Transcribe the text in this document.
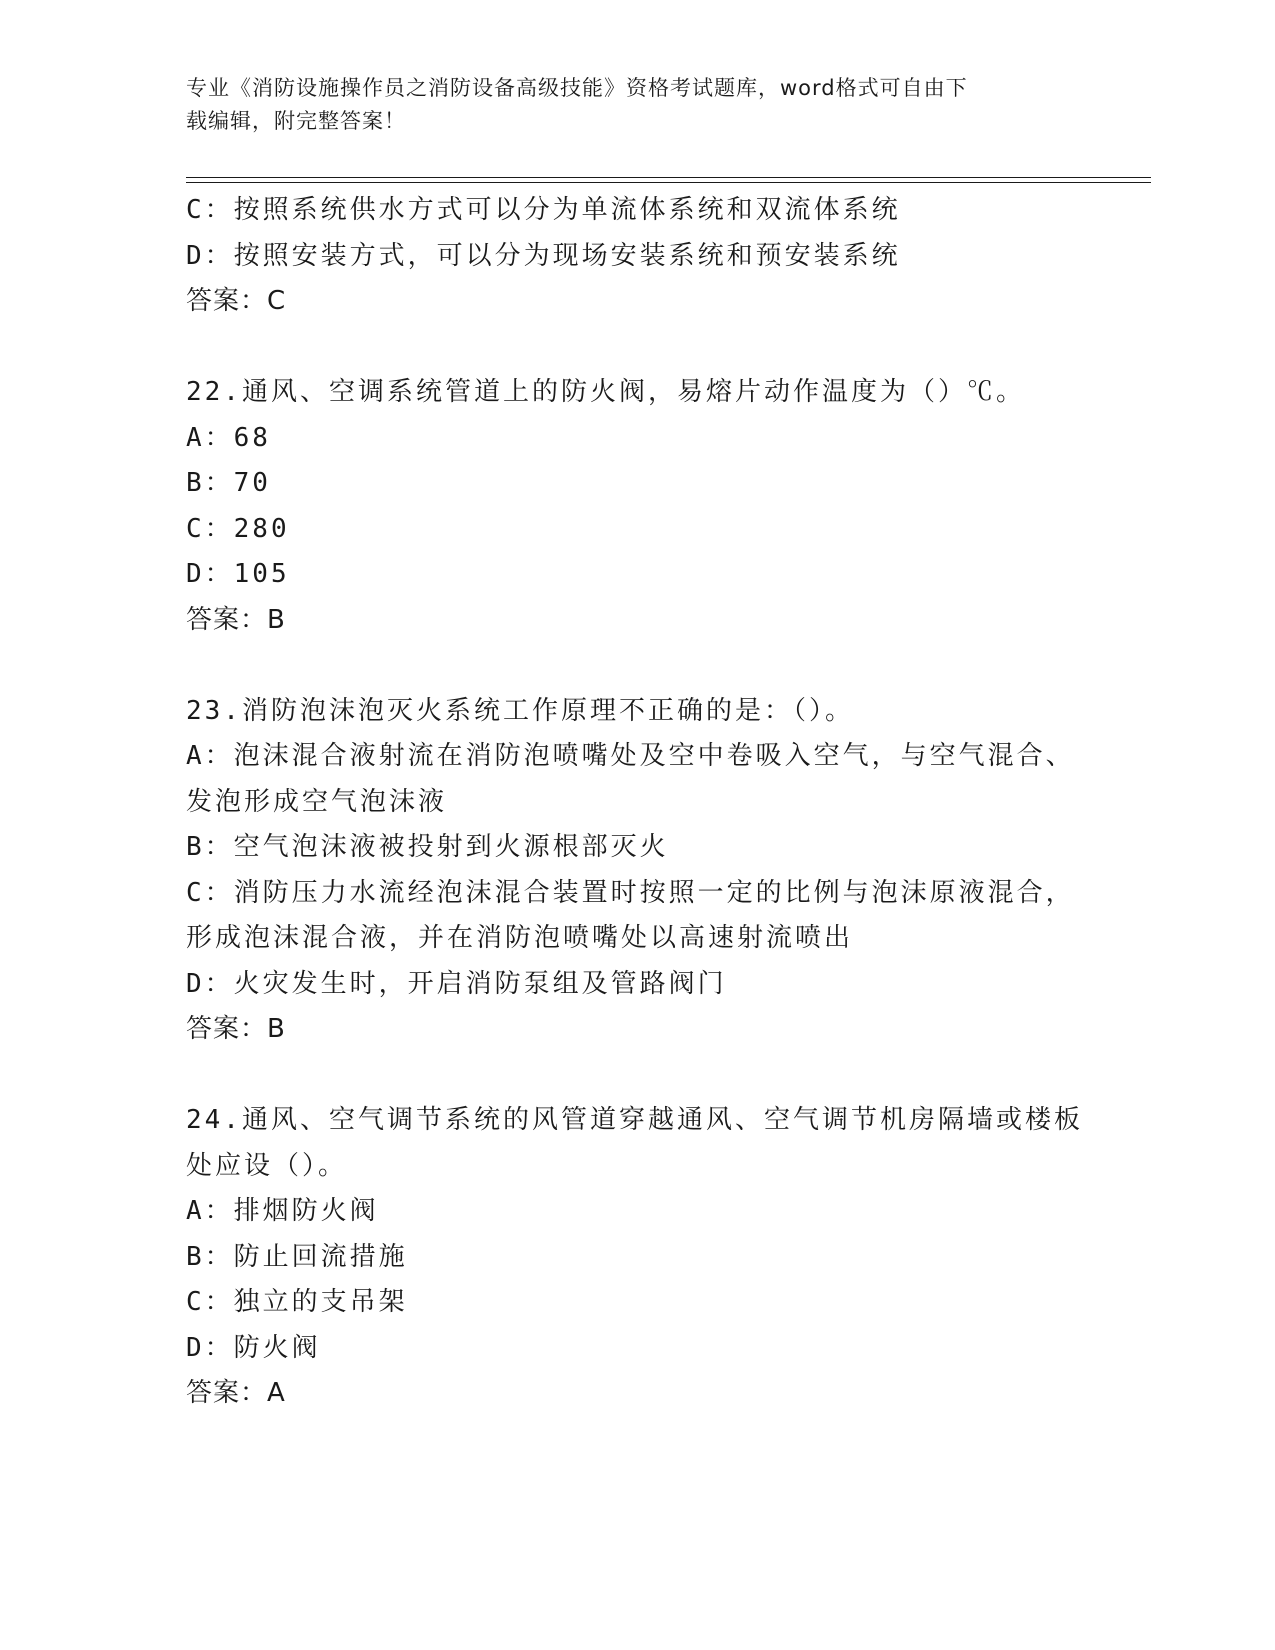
专业《消防设施操作员之消防设备高级技能》资格考试题库，word格式可自由下
载编辑，附完整答案！
C：按照系统供水方式可以分为单流体系统和双流体系统
D：按照安装方式，可以分为现场安装系统和预安装系统
答案：C
22.通风、空调系统管道上的防火阀，易熔片动作温度为（）℃。
A：68
B：70
C：280
D：105
答案：B
23.消防泡沫泡灭火系统工作原理不正确的是：（）。
A：泡沫混合液射流在消防泡喷嘴处及空中卷吸入空气，与空气混合、
发泡形成空气泡沫液
B：空气泡沫液被投射到火源根部灭火
C：消防压力水流经泡沫混合装置时按照一定的比例与泡沫原液混合，
形成泡沫混合液，并在消防泡喷嘴处以高速射流喷出
D：火灾发生时，开启消防泵组及管路阀门
答案：B
24.通风、空气调节系统的风管道穿越通风、空气调节机房隔墙或楼板
处应设（）。
A：排烟防火阀
B：防止回流措施
C：独立的支吊架
D：防火阀
答案：A
